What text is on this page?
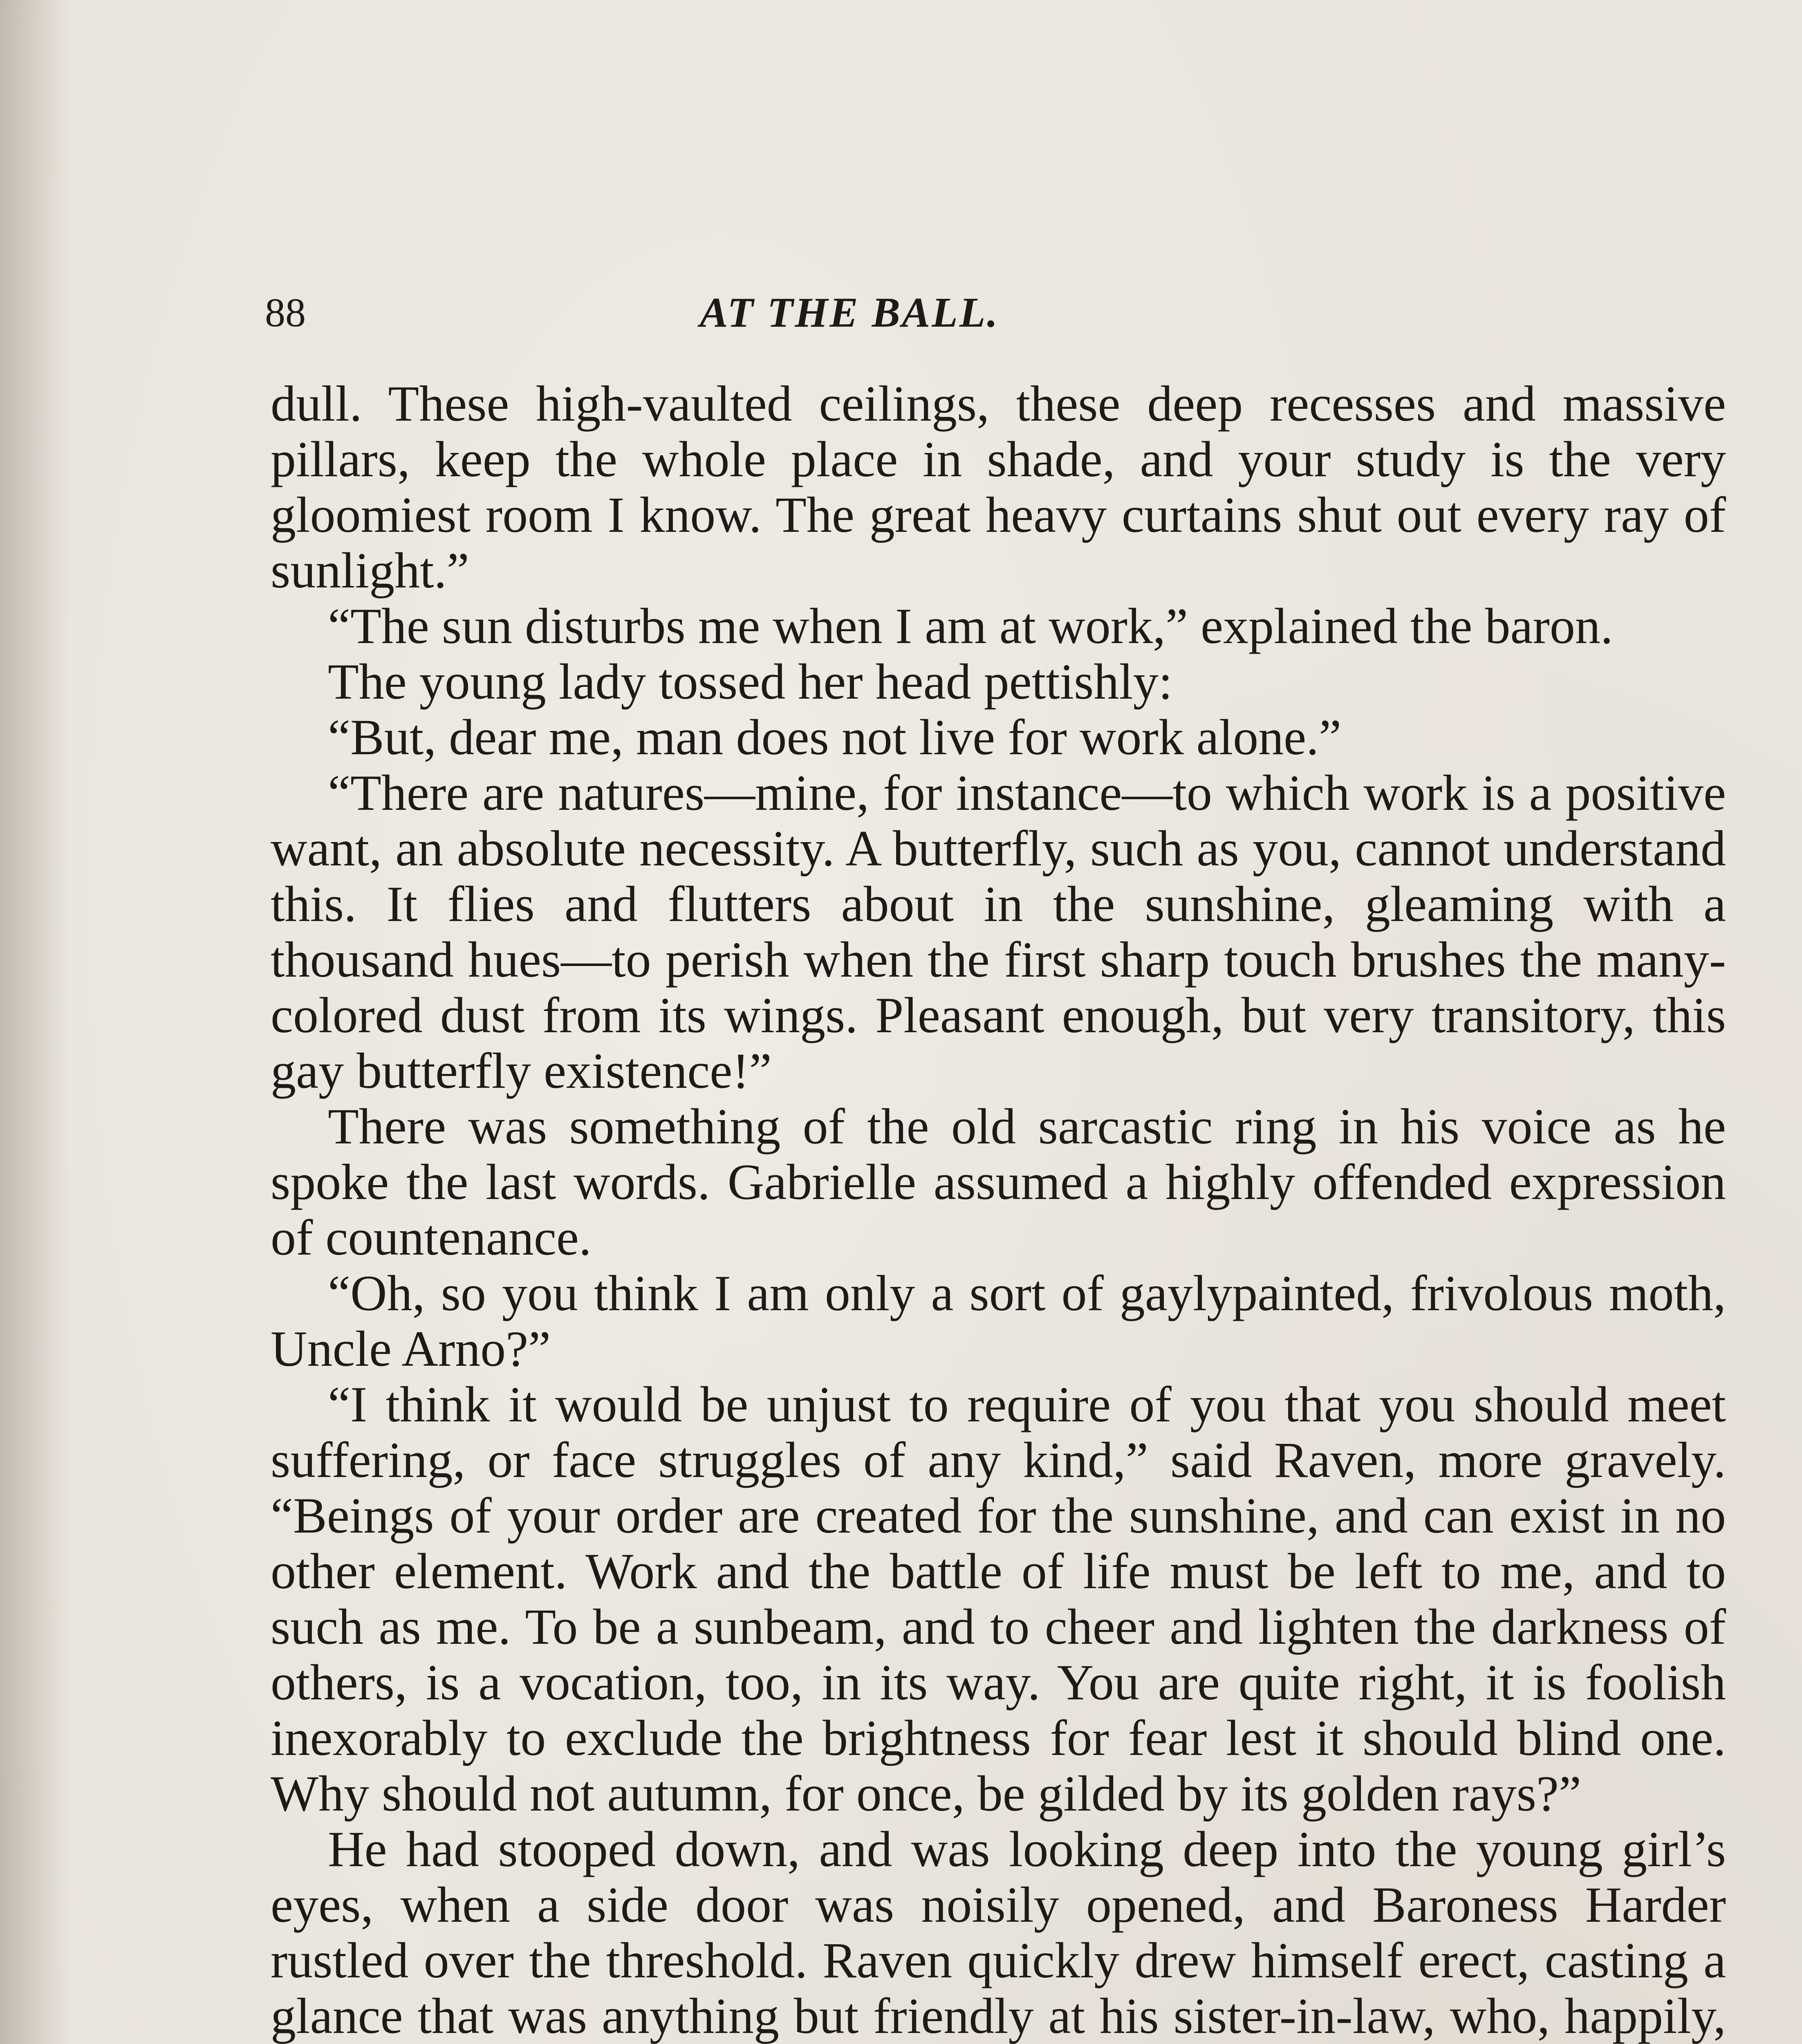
88	AT THE BALL.

dull. These high-vaulted ceilings, these deep recesses and massive pillars, keep the whole place in shade, and your study is the very gloomiest room I know. The great heavy curtains shut out every ray of sunlight.”

“The sun disturbs me when I am at work,” explained the baron.

The young lady tossed her head pettishly:

“But, dear me, man does not live for work alone.”

“There are natures—mine, for instance—to which work is a positive want, an absolute necessity. A butterfly, such as you, cannot understand this. It flies and flutters about in the sunshine, gleaming with a thousand hues—to perish when the first sharp touch brushes the many-colored dust from its wings. Pleasant enough, but very transitory, this gay butterfly existence!”

There was something of the old sarcastic ring in his voice as he spoke the last words. Gabrielle assumed a highly offended expression of countenance.

“Oh, so you think I am only a sort of gaylypainted, frivolous moth, Uncle Arno?”

“I think it would be unjust to require of you that you should meet suffering, or face struggles of any kind,” said Raven, more gravely. “Beings of your order are created for the sunshine, and can exist in no other element. Work and the battle of life must be left to me, and to such as me. To be a sunbeam, and to cheer and lighten the darkness of others, is a vocation, too, in its way. You are quite right, it is foolish inexorably to exclude the brightness for fear lest it should blind one. Why should not autumn, for once, be gilded by its golden rays?”

He had stooped down, and was looking deep into the young girl’s eyes, when a side door was noisily opened, and Baroness Harder rustled over the threshold. Raven quickly drew himself erect, casting a glance that was anything but friendly at his sister-in-law, who, happily,
